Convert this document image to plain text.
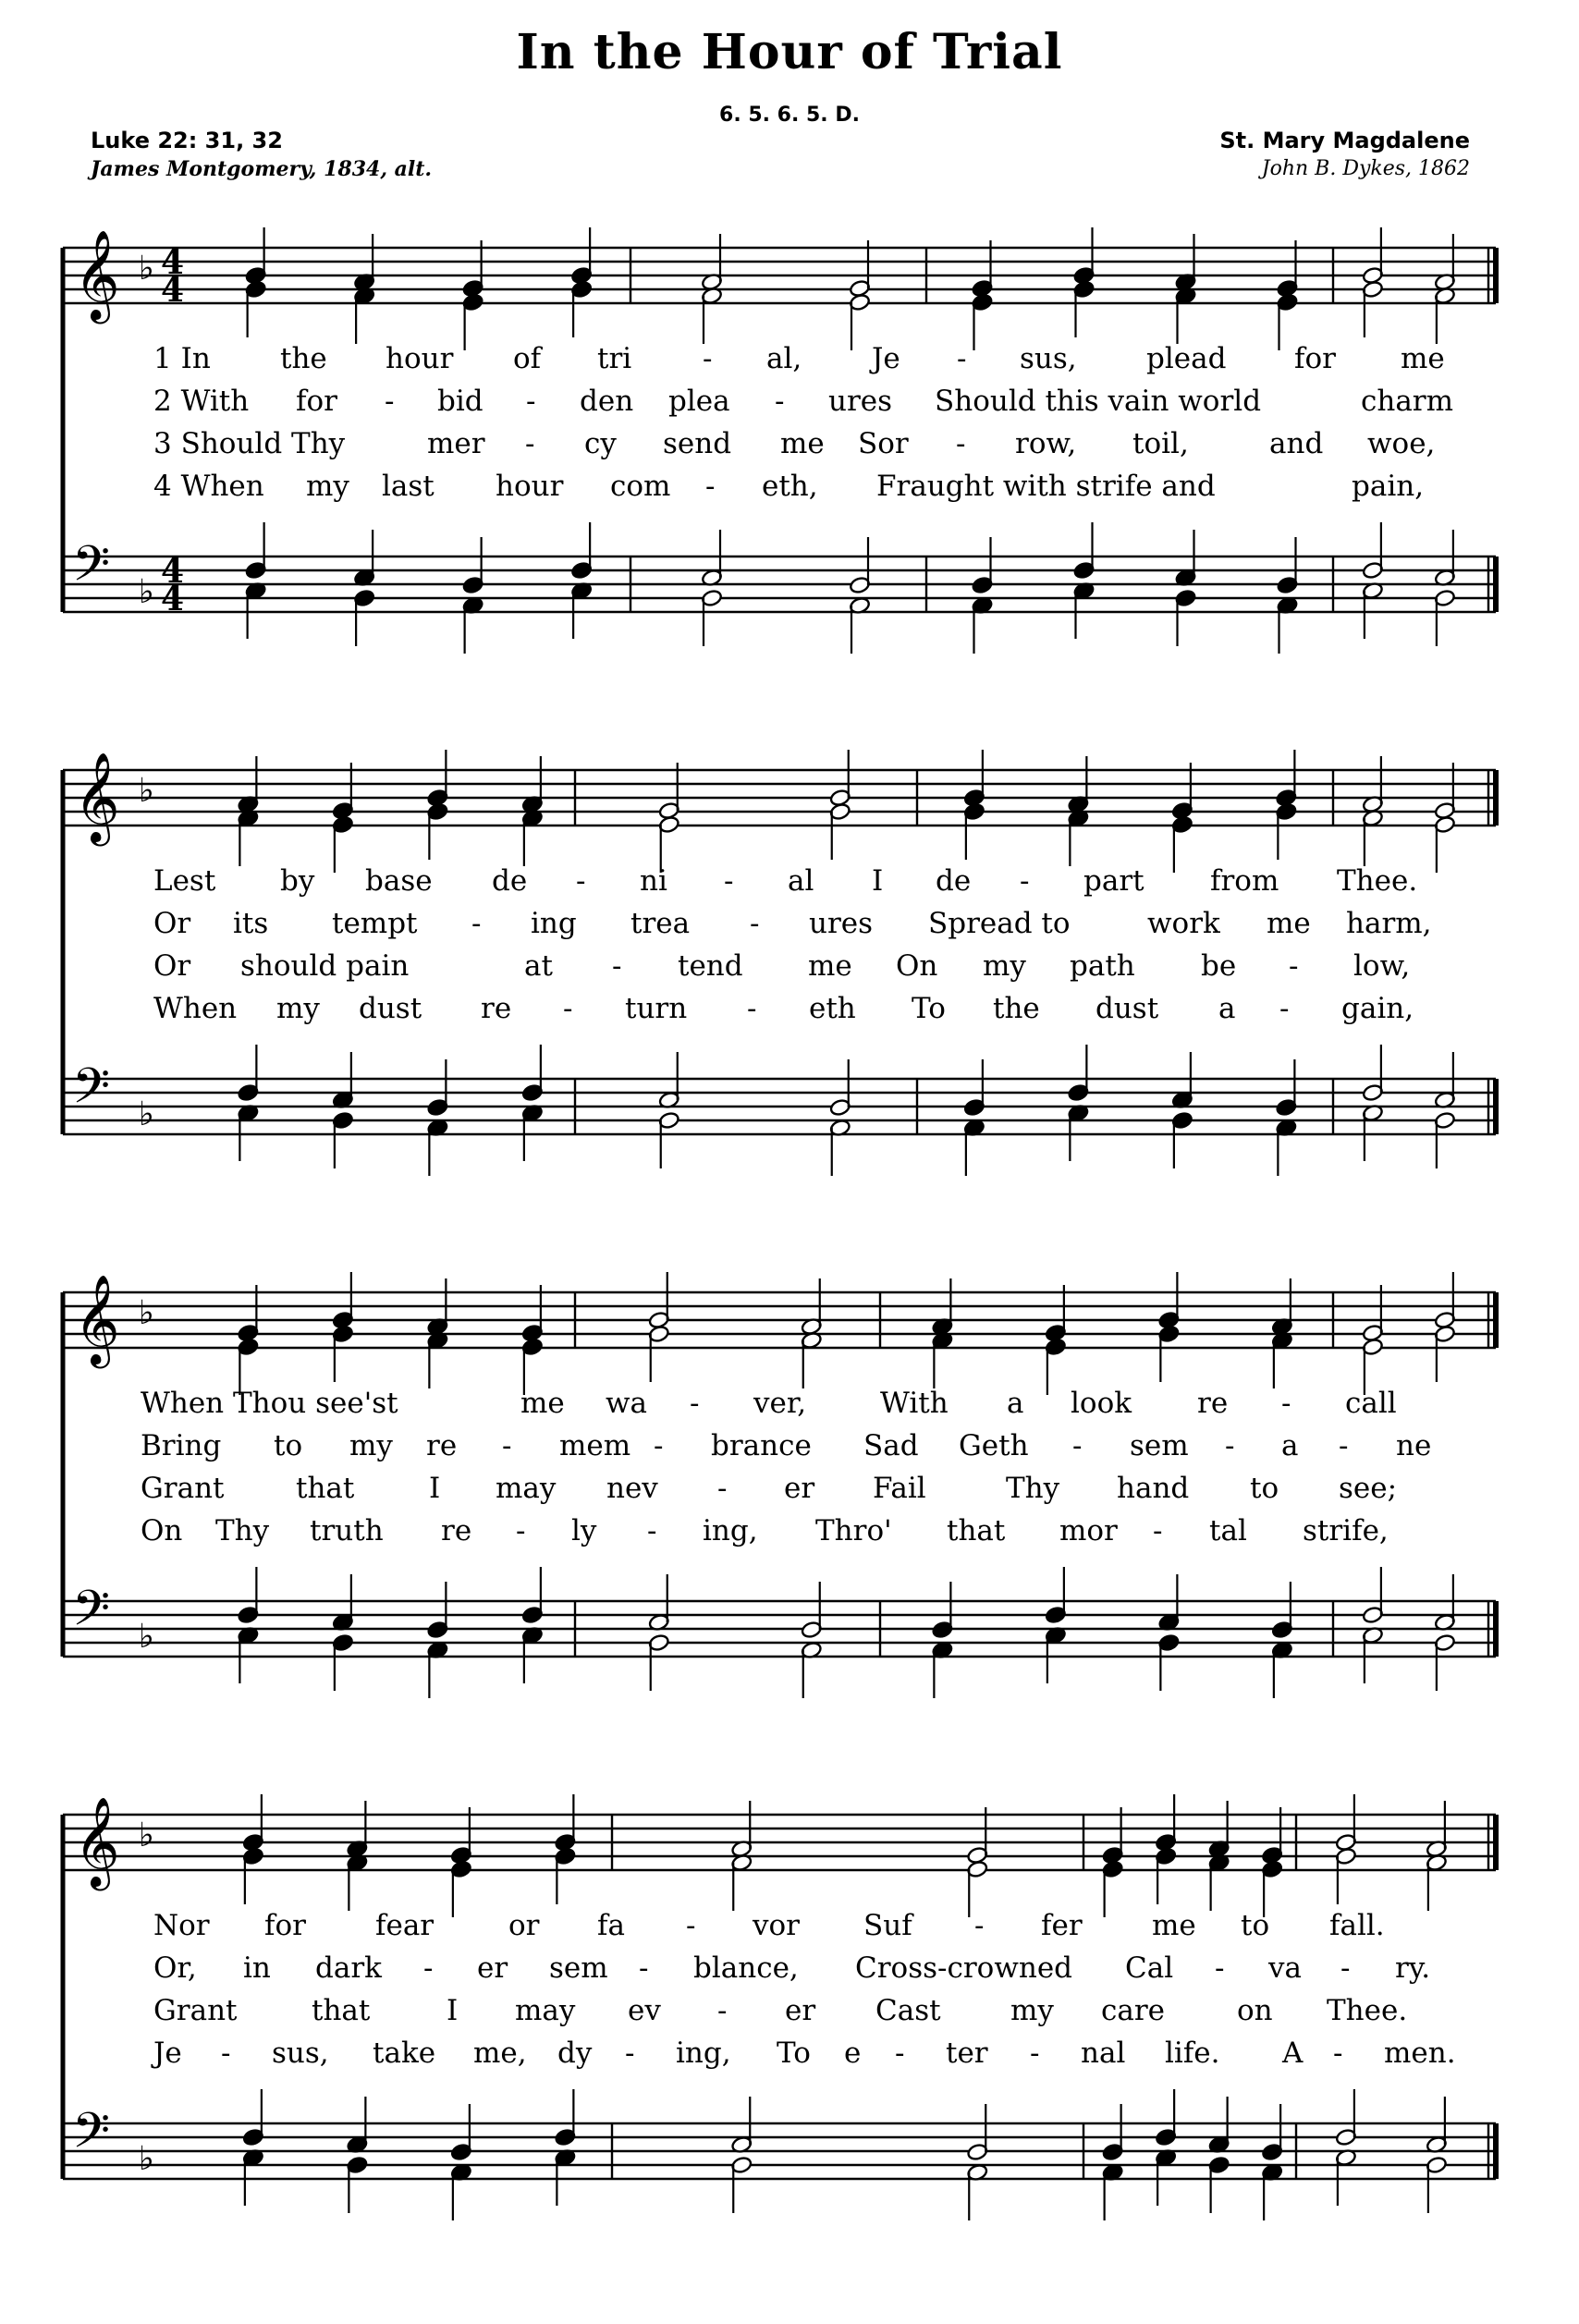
In the Hour of Trial
6. 5. 6. 5. D.
Luke 22: 31, 32
James Montgomery, 1834, alt.
St. Mary Magdalene
John B. Dykes, 1862
𝄞
𝄢
♭
♭
4
4
4
4
1 In the hour of tri - al, Je - sus, plead for me
2 With for - bid - den plea - ures Should this vain world	charm
3 Should Thy	mer - cy send me Sor - row, toil,	and woe,
4 When my last hour com - eth, Fraught with strife and	pain,
𝄞
𝄢
♭
♭
Lest by base de - ni - al I de - part from Thee.
Or its tempt - ing trea - ures Spread to	work me harm,
Or should pain	at - tend me On my path be - low,
When my dust re - turn - eth To the dust a - gain,
𝄞
𝄢
♭
♭
When Thou see'st	me wa - ver,	With a look re - call
Bring to my re - mem - brance Sad Geth - sem - a - ne
Grant	that	I may nev - er Fail	Thy hand to see;
On Thy truth re - ly - ing, Thro' that mor - tal strife,
𝄞
𝄢
♭
♭
Nor for fear	or fa - vor Suf - fer me to fall.
Or, in dark - er sem - blance, Cross-crowned Cal - va - ry.
Grant	that	I may ev - er Cast my care	on Thee.
Je - sus, take me, dy - ing, To e - ter - nal life. A - men.
